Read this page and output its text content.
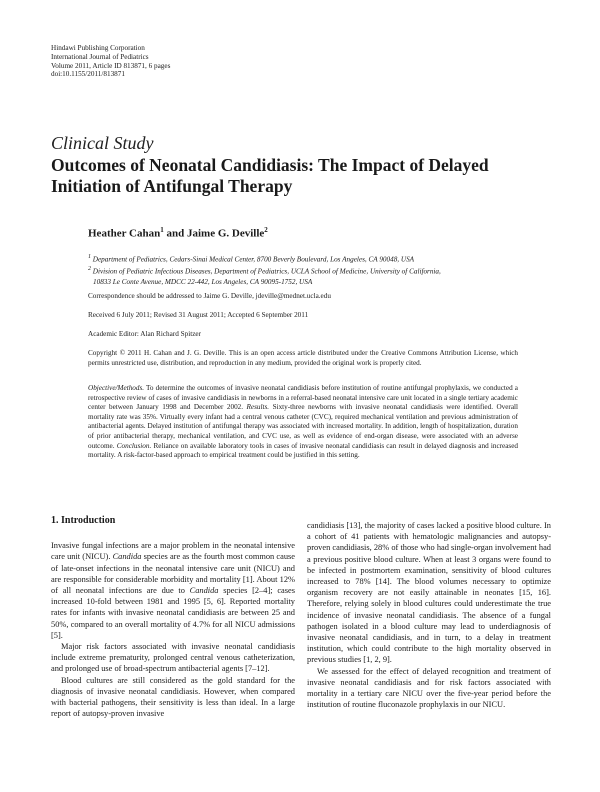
Hindawi Publishing Corporation
International Journal of Pediatrics
Volume 2011, Article ID 813871, 6 pages
doi:10.1155/2011/813871
Clinical Study
Outcomes of Neonatal Candidiasis: The Impact of Delayed Initiation of Antifungal Therapy
Heather Cahan$^1$ and Jaime G. Deville$^2$
$^1$ Department of Pediatrics, Cedars-Sinai Medical Center, 8700 Beverly Boulevard, Los Angeles, CA 90048, USA
$^2$ Division of Pediatric Infectious Diseases, Department of Pediatrics, UCLA School of Medicine, University of California,
10833 Le Conte Avenue, MDCC 22-442, Los Angeles, CA 90095-1752, USA
Correspondence should be addressed to Jaime G. Deville, jdeville@mednet.ucla.edu
Received 6 July 2011; Revised 31 August 2011; Accepted 6 September 2011
Academic Editor: Alan Richard Spitzer
Copyright © 2011 H. Cahan and J. G. Deville. This is an open access article distributed under the Creative Commons Attribution License, which permits unrestricted use, distribution, and reproduction in any medium, provided the original work is properly cited.
Objective/Methods. To determine the outcomes of invasive neonatal candidiasis before institution of routine antifungal prophylaxis, we conducted a retrospective review of cases of invasive candidiasis in newborns in a referral-based neonatal intensive care unit located in a single tertiary academic center between January 1998 and December 2002. Results. Sixty-three newborns with invasive neonatal candidiasis were identified. Overall mortality rate was 35%. Virtually every infant had a central venous catheter (CVC), required mechanical ventilation and previous administration of antibacterial agents. Delayed institution of antifungal therapy was associated with increased mortality. In addition, length of hospitalization, duration of prior antibacterial therapy, mechanical ventilation, and CVC use, as well as evidence of end-organ disease, were associated with an adverse outcome. Conclusion. Reliance on available laboratory tools in cases of invasive neonatal candidiasis can result in delayed diagnosis and increased mortality. A risk-factor-based approach to empirical treatment could be justified in this setting.
1. Introduction

Invasive fungal infections are a major problem in the neonatal intensive care unit (NICU). Candida species are as the fourth most common cause of late-onset infections in the neonatal intensive care unit (NICU) and are responsible for considerable morbidity and mortality [1]. About 12% of all neonatal infections are due to Candida species [2–4]; cases increased 10-fold between 1981 and 1995 [5, 6]. Reported mortality rates for infants with invasive neonatal candidiasis are between 25 and 50%, compared to an overall mortality of 4.7% for all NICU admissions [5].

Major risk factors associated with invasive neonatal candidiasis include extreme prematurity, prolonged central venous catheterization, and prolonged use of broad-spectrum antibacterial agents [7–12].

Blood cultures are still considered as the gold standard for the diagnosis of invasive neonatal candidiasis. However, when compared with bacterial pathogens, their sensitivity is less than ideal. In a large report of autopsy-proven invasive

candidiasis [13], the majority of cases lacked a positive blood culture. In a cohort of 41 patients with hematologic malignancies and autopsy-proven candidiasis, 28% of those who had single-organ involvement had a previous positive blood culture. When at least 3 organs were found to be infected in postmortem examination, sensitivity of blood cultures increased to 78% [14]. The blood volumes necessary to optimize organism recovery are not easily attainable in neonates [15, 16]. Therefore, relying solely in blood cultures could underestimate the true incidence of invasive neonatal candidiasis. The absence of a fungal pathogen isolated in a blood culture may lead to underdiagnosis of invasive neonatal candidiasis, and in turn, to a delay in treatment institution, which could contribute to the high mortality observed in previous studies [1, 2, 9].

We assessed for the effect of delayed recognition and treatment of invasive neonatal candidiasis and for risk factors associated with mortality in a tertiary care NICU over the five-year period before the institution of routine fluconazole prophylaxis in our NICU.
